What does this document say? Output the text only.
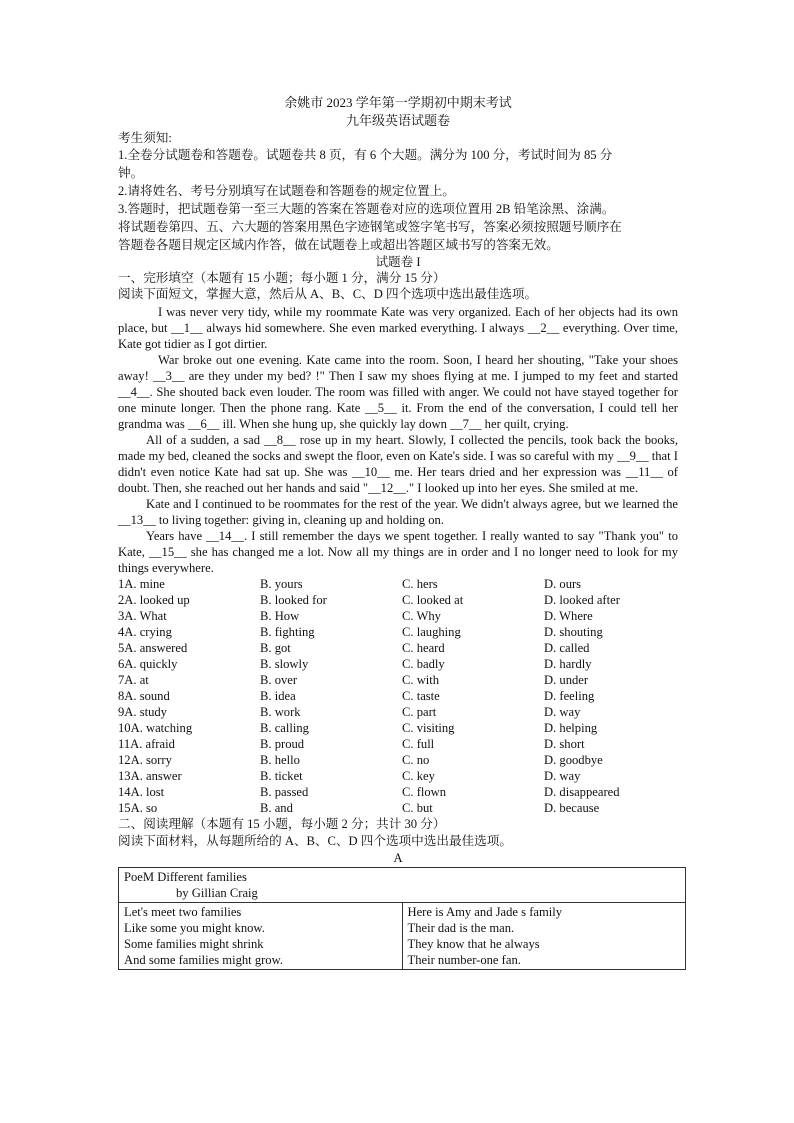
余姚市 2023 学年第一学期初中期末考试
九年级英语试题卷
考生须知:
1.全卷分试题卷和答题卷。试题卷共 8 页，有 6 个大题。满分为 100 分，考试时间为 85 分
钟。
2.请将姓名、考号分别填写在试题卷和答题卷的规定位置上。
3.答题时，把试题卷第一至三大题的答案在答题卷对应的选项位置用 2B 铅笔涂黑、涂满。
将试题卷第四、五、六大题的答案用黑色字迹钢笔或签字笔书写，答案必须按照题号顺序在
答题卷各题目规定区域内作答，做在试题卷上或超出答题区域书写的答案无效。
试题卷 I
一、完形填空（本题有 15 小题；每小题 1 分，满分 15 分）
阅读下面短文，掌握大意，然后从 A、B、C、D 四个选项中选出最佳选项。
I was never very tidy, while my roommate Kate was very organized. Each of her objects had its own place, but __1__ always hid somewhere. She even marked everything. I always __2__ everything. Over time, Kate got tidier as I got dirtier.
War broke out one evening. Kate came into the room. Soon, I heard her shouting, "Take your shoes away! __3__ are they under my bed? !" Then I saw my shoes flying at me. I jumped to my feet and started __4__. She shouted back even louder. The room was filled with anger. We could not have stayed together for one minute longer. Then the phone rang. Kate __5__ it. From the end of the conversation, I could tell her grandma was __6__ ill. When she hung up, she quickly lay down __7__ her quilt, crying.
All of a sudden, a sad __8__ rose up in my heart. Slowly, I collected the pencils, took back the books, made my bed, cleaned the socks and swept the floor, even on Kate's side. I was so careful with my __9__ that I didn't even notice Kate had sat up. She was __10__ me. Her tears dried and her expression was __11__ of doubt. Then, she reached out her hands and said "__12__." I looked up into her eyes. She smiled at me.
Kate and I continued to be roommates for the rest of the year. We didn't always agree, but we learned the __13__ to living together: giving in, cleaning up and holding on.
Years have __14__. I still remember the days we spent together. I really wanted to say "Thank you" to Kate, __15__ she has changed me a lot. Now all my things are in order and I no longer need to look for my things everywhere.
1A. mine	B. yours	C. hers	D. ours
2A. looked up	B. looked for	C. looked at	D. looked after
3A. What	B. How	C. Why	D. Where
4A. crying	B. fighting	C. laughing	D. shouting
5A. answered	B. got	C. heard	D. called
6A. quickly	B. slowly	C. badly	D. hardly
7A. at	B. over	C. with	D. under
8A. sound	B. idea	C. taste	D. feeling
9A. study	B. work	C. part	D. way
10A. watching	B. calling	C. visiting	D. helping
11A. afraid	B. proud	C. full	D. short
12A. sorry	B. hello	C. no	D. goodbye
13A. answer	B. ticket	C. key	D. way
14A. lost	B. passed	C. flown	D. disappeared
15A. so	B. and	C. but	D. because
二、阅读理解（本题有 15 小题，每小题 2 分；共计 30 分）
阅读下面材料，从每题所给的 A、B、C、D 四个选项中选出最佳选项。
A
PoeM Different families
by Gillian Craig

Let's meet two families
Like some you might know.
Some families might shrink
And some families might grow.

Here is Amy and Jade s family
Their dad is the man.
They know that he always
Their number-one fan.
